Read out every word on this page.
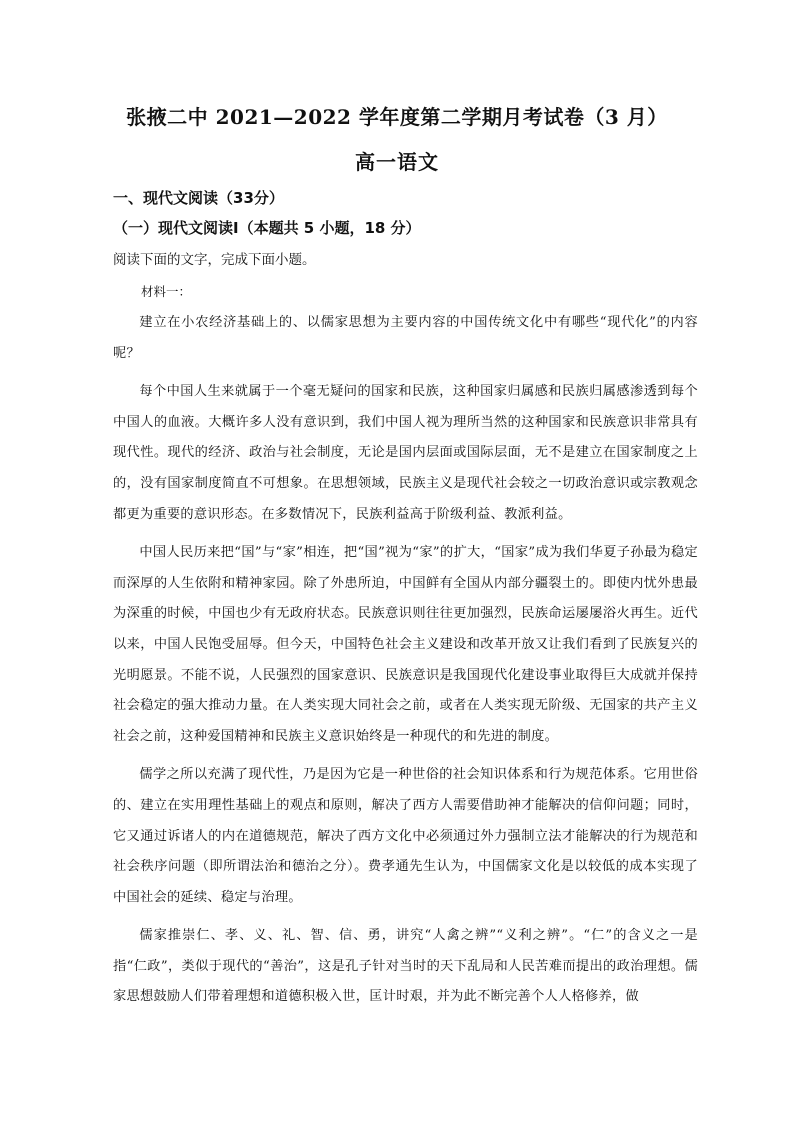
张掖二中 2021—2022 学年度第二学期月考试卷（3 月）
高一语文
一、现代文阅读（33分）
（一）现代文阅读Ⅰ（本题共 5 小题，18 分）
阅读下面的文字，完成下面小题。
材料一：

建立在小农经济基础上的、以儒家思想为主要内容的中国传统文化中有哪些“现代化”的内容呢？

每个中国人生来就属于一个毫无疑问的国家和民族，这种国家归属感和民族归属感渗透到每个中国人的血液。大概许多人没有意识到，我们中国人视为理所当然的这种国家和民族意识非常具有现代性。现代的经济、政治与社会制度，无论是国内层面或国际层面，无不是建立在国家制度之上的，没有国家制度简直不可想象。在思想领域，民族主义是现代社会较之一切政治意识或宗教观念都更为重要的意识形态。在多数情况下，民族利益高于阶级利益、教派利益。

中国人民历来把“国”与“家”相连，把“国”视为“家”的扩大，“国家”成为我们华夏子孙最为稳定而深厚的人生依附和精神家园。除了外患所迫，中国鲜有全国从内部分疆裂土的。即使内忧外患最为深重的时候，中国也少有无政府状态。民族意识则往往更加强烈，民族命运屡屡浴火再生。近代以来，中国人民饱受屈辱。但今天，中国特色社会主义建设和改革开放又让我们看到了民族复兴的光明愿景。不能不说，人民强烈的国家意识、民族意识是我国现代化建设事业取得巨大成就并保持社会稳定的强大推动力量。在人类实现大同社会之前，或者在人类实现无阶级、无国家的共产主义社会之前，这种爱国精神和民族主义意识始终是一种现代的和先进的制度。

儒学之所以充满了现代性，乃是因为它是一种世俗的社会知识体系和行为规范体系。它用世俗的、建立在实用理性基础上的观点和原则，解决了西方人需要借助神才能解决的信仰问题；同时，它又通过诉诸人的内在道德规范，解决了西方文化中必须通过外力强制立法才能解决的行为规范和社会秩序问题（即所谓法治和德治之分）。费孝通先生认为，中国儒家文化是以较低的成本实现了中国社会的延续、稳定与治理。

儒家推崇仁、孝、义、礼、智、信、勇，讲究“人禽之辨”“义利之辨”。“仁”的含义之一是指“仁政”，类似于现代的“善治”，这是孔子针对当时的天下乱局和人民苦难而提出的政治理想。儒家思想鼓励人们带着理想和道德积极入世，匡计时艰，并为此不断完善个人人格修养，做
